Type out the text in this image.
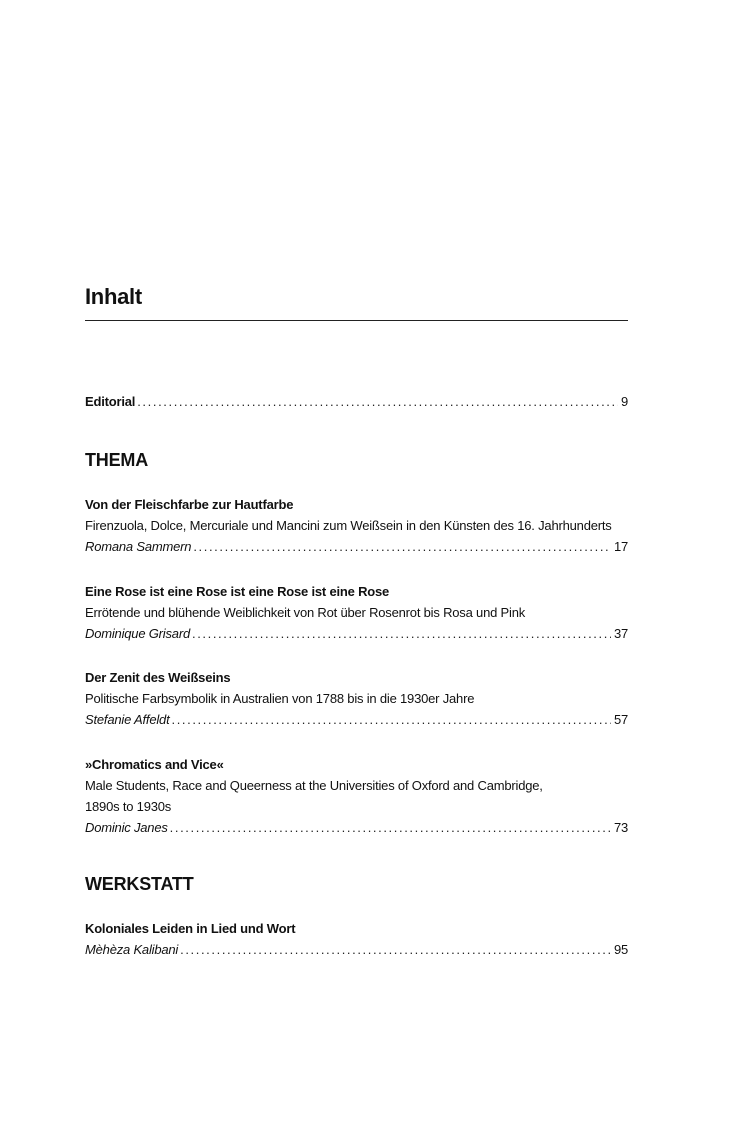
Inhalt
Editorial .....	9
THEMA
Von der Fleischfarbe zur Hautfarbe
Firenzuola, Dolce, Mercuriale und Mancini zum Weißsein in den Künsten des 16. Jahrhunderts
Romana Sammern .....	17
Eine Rose ist eine Rose ist eine Rose ist eine Rose
Errötende und blühende Weiblichkeit von Rot über Rosenrot bis Rosa und Pink
Dominique Grisard .....	37
Der Zenit des Weißseins
Politische Farbsymbolik in Australien von 1788 bis in die 1930er Jahre
Stefanie Affeldt .....	57
»Chromatics and Vice«
Male Students, Race and Queerness at the Universities of Oxford and Cambridge,
1890s to 1930s
Dominic Janes .....	73
WERKSTATT
Koloniales Leiden in Lied und Wort
Mèhèza Kalibani .....	95
